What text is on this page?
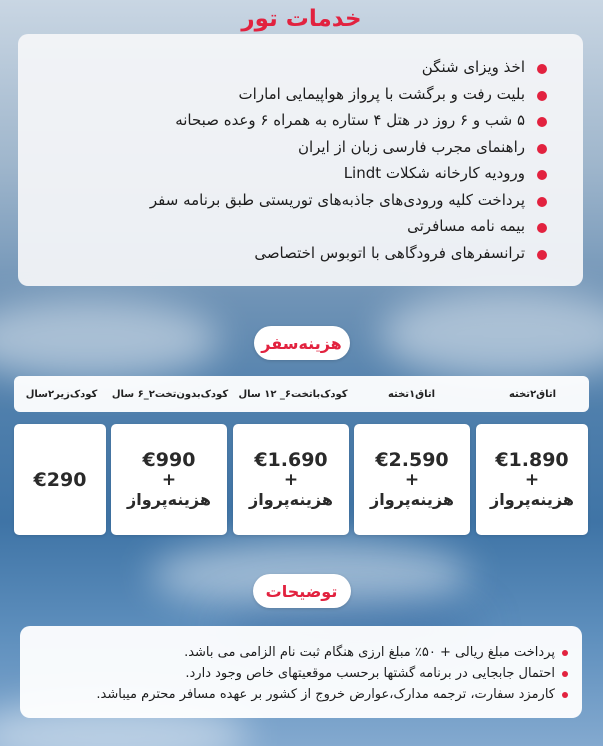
خدمات تور
اخذ ویزای شنگن
بلیت رفت و برگشت با پرواز هواپیمایی امارات
۵ شب و ۶ روز در هتل ۴ ستاره به همراه ۶ وعده صبحانه
راهنمای مجرب فارسی زبان از ایران
ورودیه کارخانه شکلات Lindt
پرداخت کلیه ورودی‌های جاذبه‌های توریستی طبق برنامه سفر
بیمه نامه مسافرتی
ترانسفرهای فرودگاهی با اتوبوس اختصاصی
هزینه‌سفر
اتاق۲تخته
اتاق۱تخته
کودک‌باتخت۶_ ۱۲ سال
کودک‌بدون‌تخت۲_۶ سال
کودک‌زیر۲سال
€1.890
+
هزینه‌پرواز
€2.590
+
هزینه‌پرواز
€1.690
+
هزینه‌پرواز
€990
+
هزینه‌پرواز
€290
توضیحات
پرداخت مبلغ ریالی + ۵۰٪ مبلغ ارزی هنگام ثبت نام الزامی می باشد.
احتمال جابجایی در برنامه گشتها برحسب موقعیتهای خاص وجود دارد.
کارمزد سفارت، ترجمه مدارک،عوارض خروج از کشور بر عهده مسافر محترم میباشد.
